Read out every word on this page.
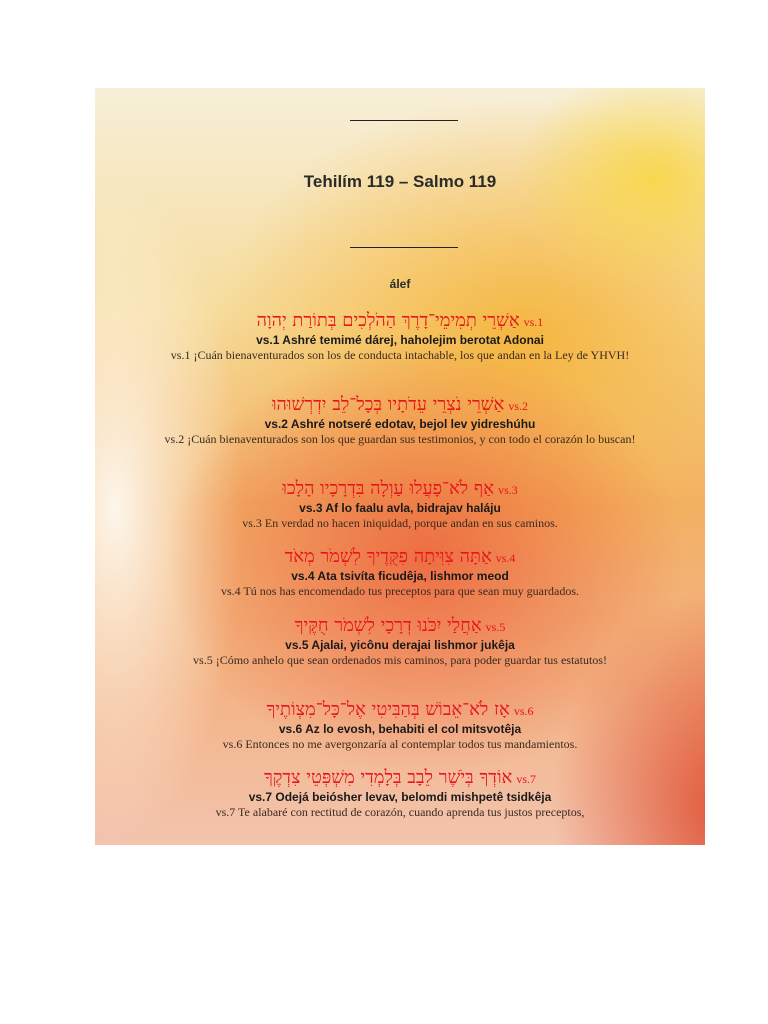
Tehilím 119 – Salmo 119
álef
אַשְׁרֵי תְמִימֵי־דָרֶךְ הַהֹלְכִים בְּתוֹרַת יְהוָה vs.1
vs.1 Ashré temimé dárej, haholejim berotat Adonai
vs.1 ¡Cuán bienaventurados son los de conducta intachable, los que andan en la Ley de YHVH!
אַשְׁרֵי נֹצְרֵי עֵדֹתָיו בְּכָל־לֵב יִדְרְשׁוּהוּ vs.2
vs.2 Ashré notseré edotav, bejol lev yidreshúhu
vs.2 ¡Cuán bienaventurados son los que guardan sus testimonios, y con todo el corazón lo buscan!
אַף לֹא־פָעֲלוּ עַוְלָה בִּדְרָכָיו הָלָכוּ vs.3
vs.3 Af lo faalu avla, bidrajav haláju
vs.3 En verdad no hacen iniquidad, porque andan en sus caminos.
אַתָּה צִוִּיתָה פִקֻּדֶיךָ לִשְׁמֹר מְאֹד vs.4
vs.4 Ata tsivíta ficudêja, lishmor meod
vs.4 Tú nos has encomendado tus preceptos para que sean muy guardados.
אַחֲלַי יִכֹּנוּ דְרָכָי לִשְׁמֹר חֻקֶּיךָ vs.5
vs.5 Ajalai, yicônu derajai lishmor jukêja
vs.5 ¡Cómo anhelo que sean ordenados mis caminos, para poder guardar tus estatutos!
אָז לֹא־אֵבוֹשׁ בְּהַבִּיטִי אֶל־כָּל־מִצְוֹתֶיךָ vs.6
vs.6 Az lo evosh, behabiti el col mitsvotêja
vs.6 Entonces no me avergonzaría al contemplar todos tus mandamientos.
אוֹדְךָ בְּיֹשֶׁר לֵבָב בְּלָמְדִי מִשְׁפְּטֵי צִדְקֶךָ vs.7
vs.7 Odejá beiósher levav, belomdi mishpetê tsidkêja
vs.7 Te alabaré con rectitud de corazón, cuando aprenda tus justos preceptos,
